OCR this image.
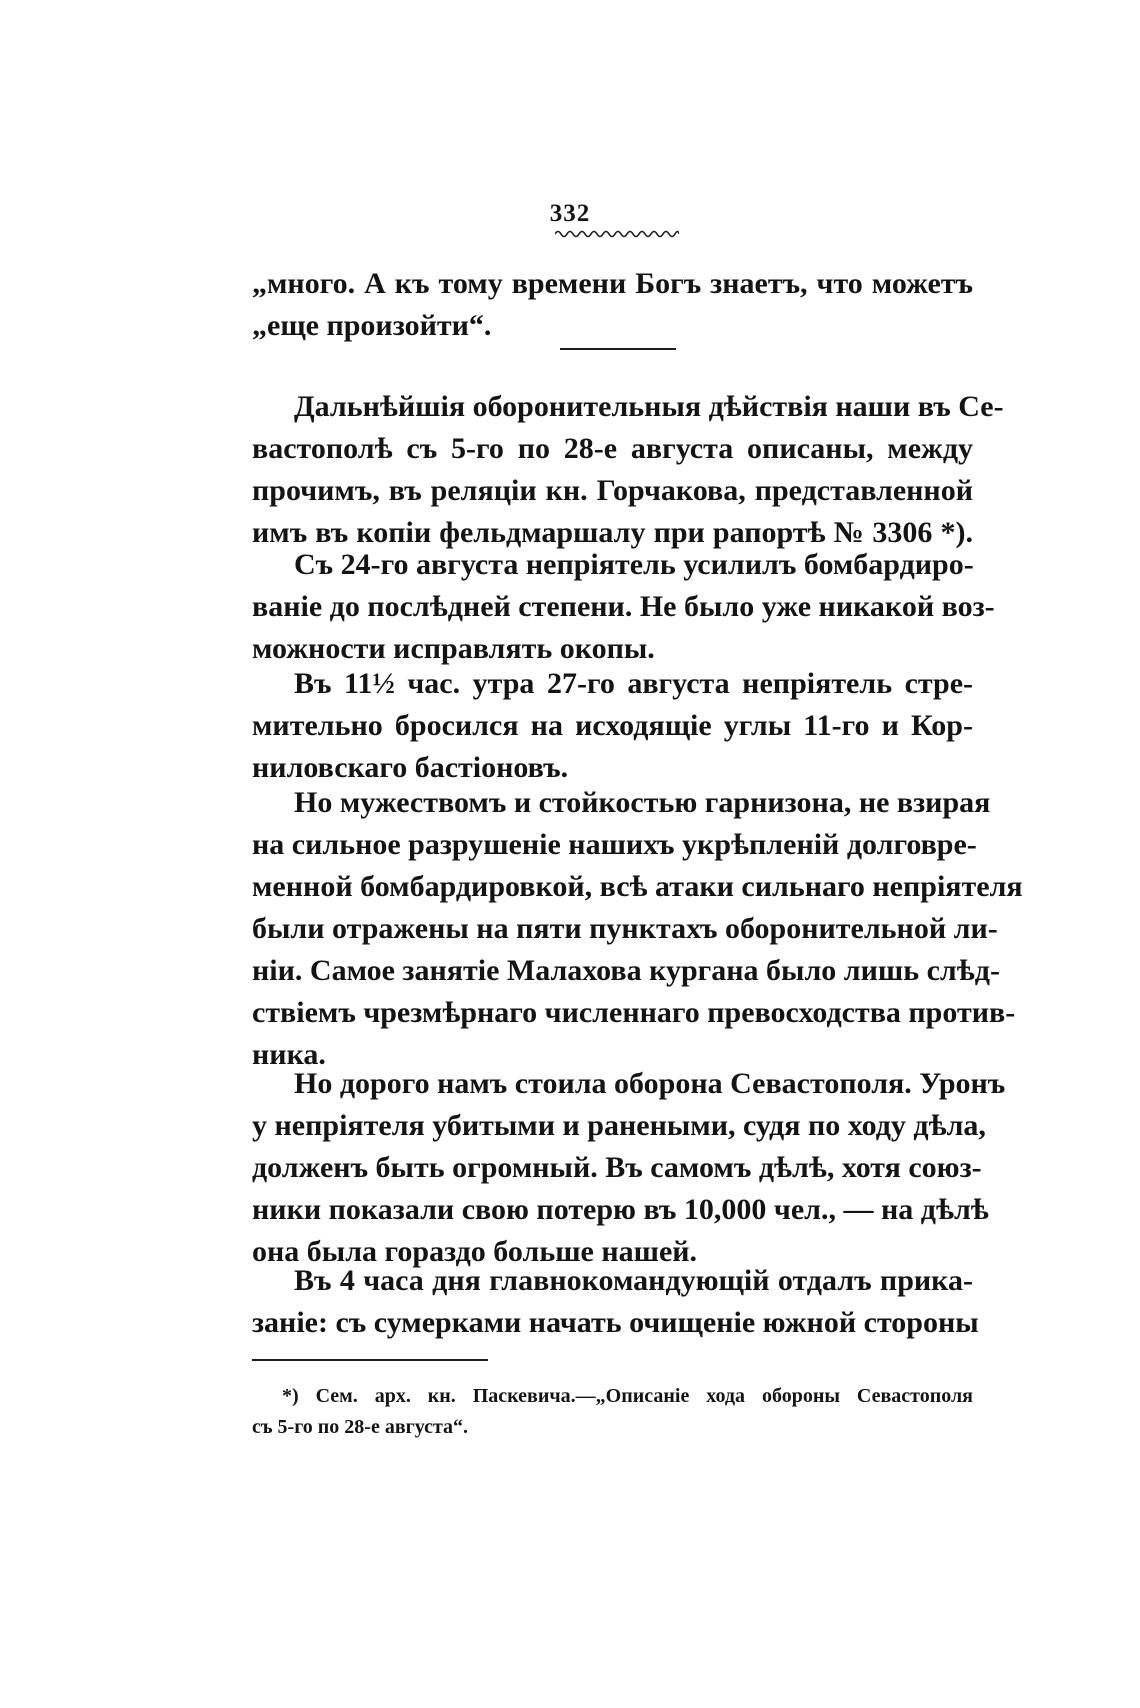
332
„много. А къ тому времени Богъ знаетъ, что можетъ
„еще произойти“.
Дальнѣйшія оборонительныя дѣйствія наши въ Се-
вастополѣ съ 5-го по 28-е августа описаны, между
прочимъ, въ реляціи кн. Горчакова, представленной
имъ въ копіи фельдмаршалу при рапортѣ № 3306 *).
Съ 24-го августа непріятель усилилъ бомбардиро-
ваніе до послѣдней степени. Не было уже никакой воз-
можности исправлять окопы.
Въ 11½ час. утра 27-го августа непріятель стре-
мительно бросился на исходящіе углы 11-го и Кор-
ниловскаго бастіоновъ.
Но мужествомъ и стойкостью гарнизона, не взирая
на сильное разрушеніе нашихъ укрѣпленій долговре-
менной бомбардировкой, всѣ атаки сильнаго непріятеля
были отражены на пяти пунктахъ оборонительной ли-
ніи. Самое занятіе Малахова кургана было лишь слѣд-
ствіемъ чрезмѣрнаго численнаго превосходства против-
ника.
Но дорого намъ стоила оборона Севастополя. Уронъ
у непріятеля убитыми и ранеными, судя по ходу дѣла,
долженъ быть огромный. Въ самомъ дѣлѣ, хотя союз-
ники показали свою потерю въ 10,000 чел., — на дѣлѣ
она была гораздо больше нашей.
Въ 4 часа дня главнокомандующій отдалъ прика-
заніе: съ сумерками начать очищеніе южной стороны
*) Сем. арх. кн. Паскевича.—„Описаніе хода обороны Севастополя
съ 5-го по 28-е августа“.
